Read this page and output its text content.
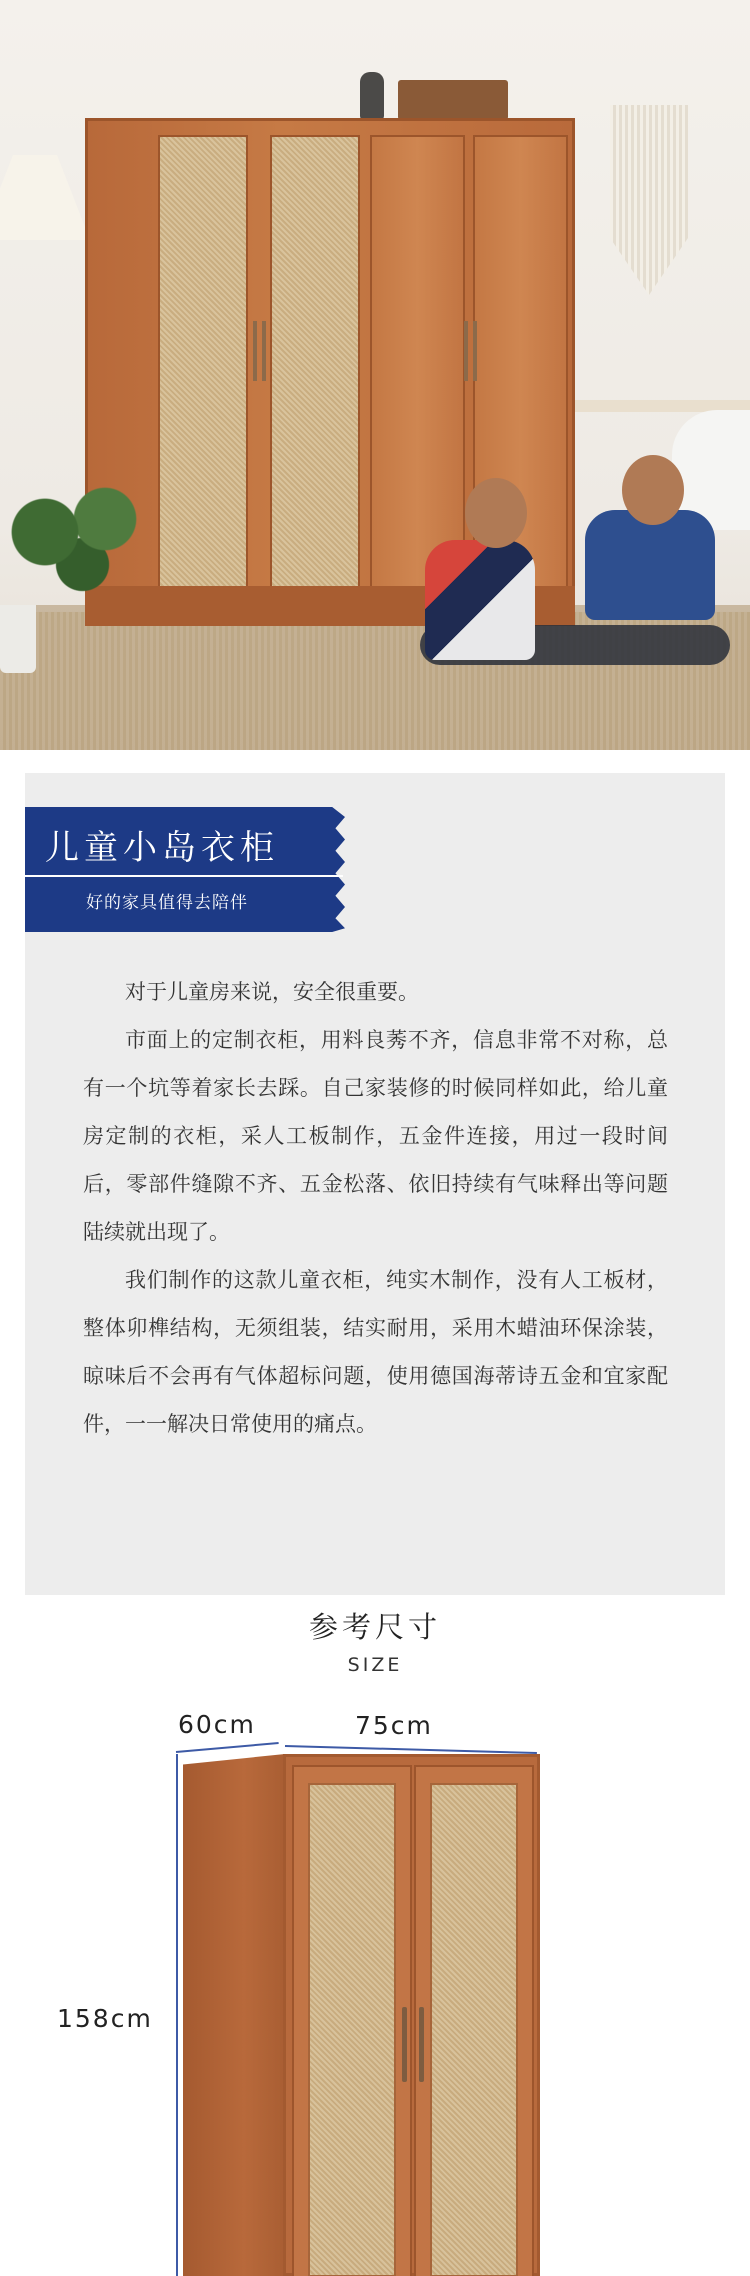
儿童小岛衣柜
好的家具值得去陪伴

对于儿童房来说，安全很重要。

市面上的定制衣柜，用料良莠不齐，信息非常不对称，总有一个坑等着家长去踩。自己家装修的时候同样如此，给儿童房定制的衣柜，采人工板制作，五金件连接，用过一段时间后，零部件缝隙不齐、五金松落、依旧持续有气味释出等问题陆续就出现了。

我们制作的这款儿童衣柜，纯实木制作，没有人工板材，整体卯榫结构，无须组装，结实耐用，采用木蜡油环保涂装，晾味后不会再有气体超标问题，使用德国海蒂诗五金和宜家配件，一一解决日常使用的痛点。

参考尺寸
SIZE
60cm	75cm
158cm
